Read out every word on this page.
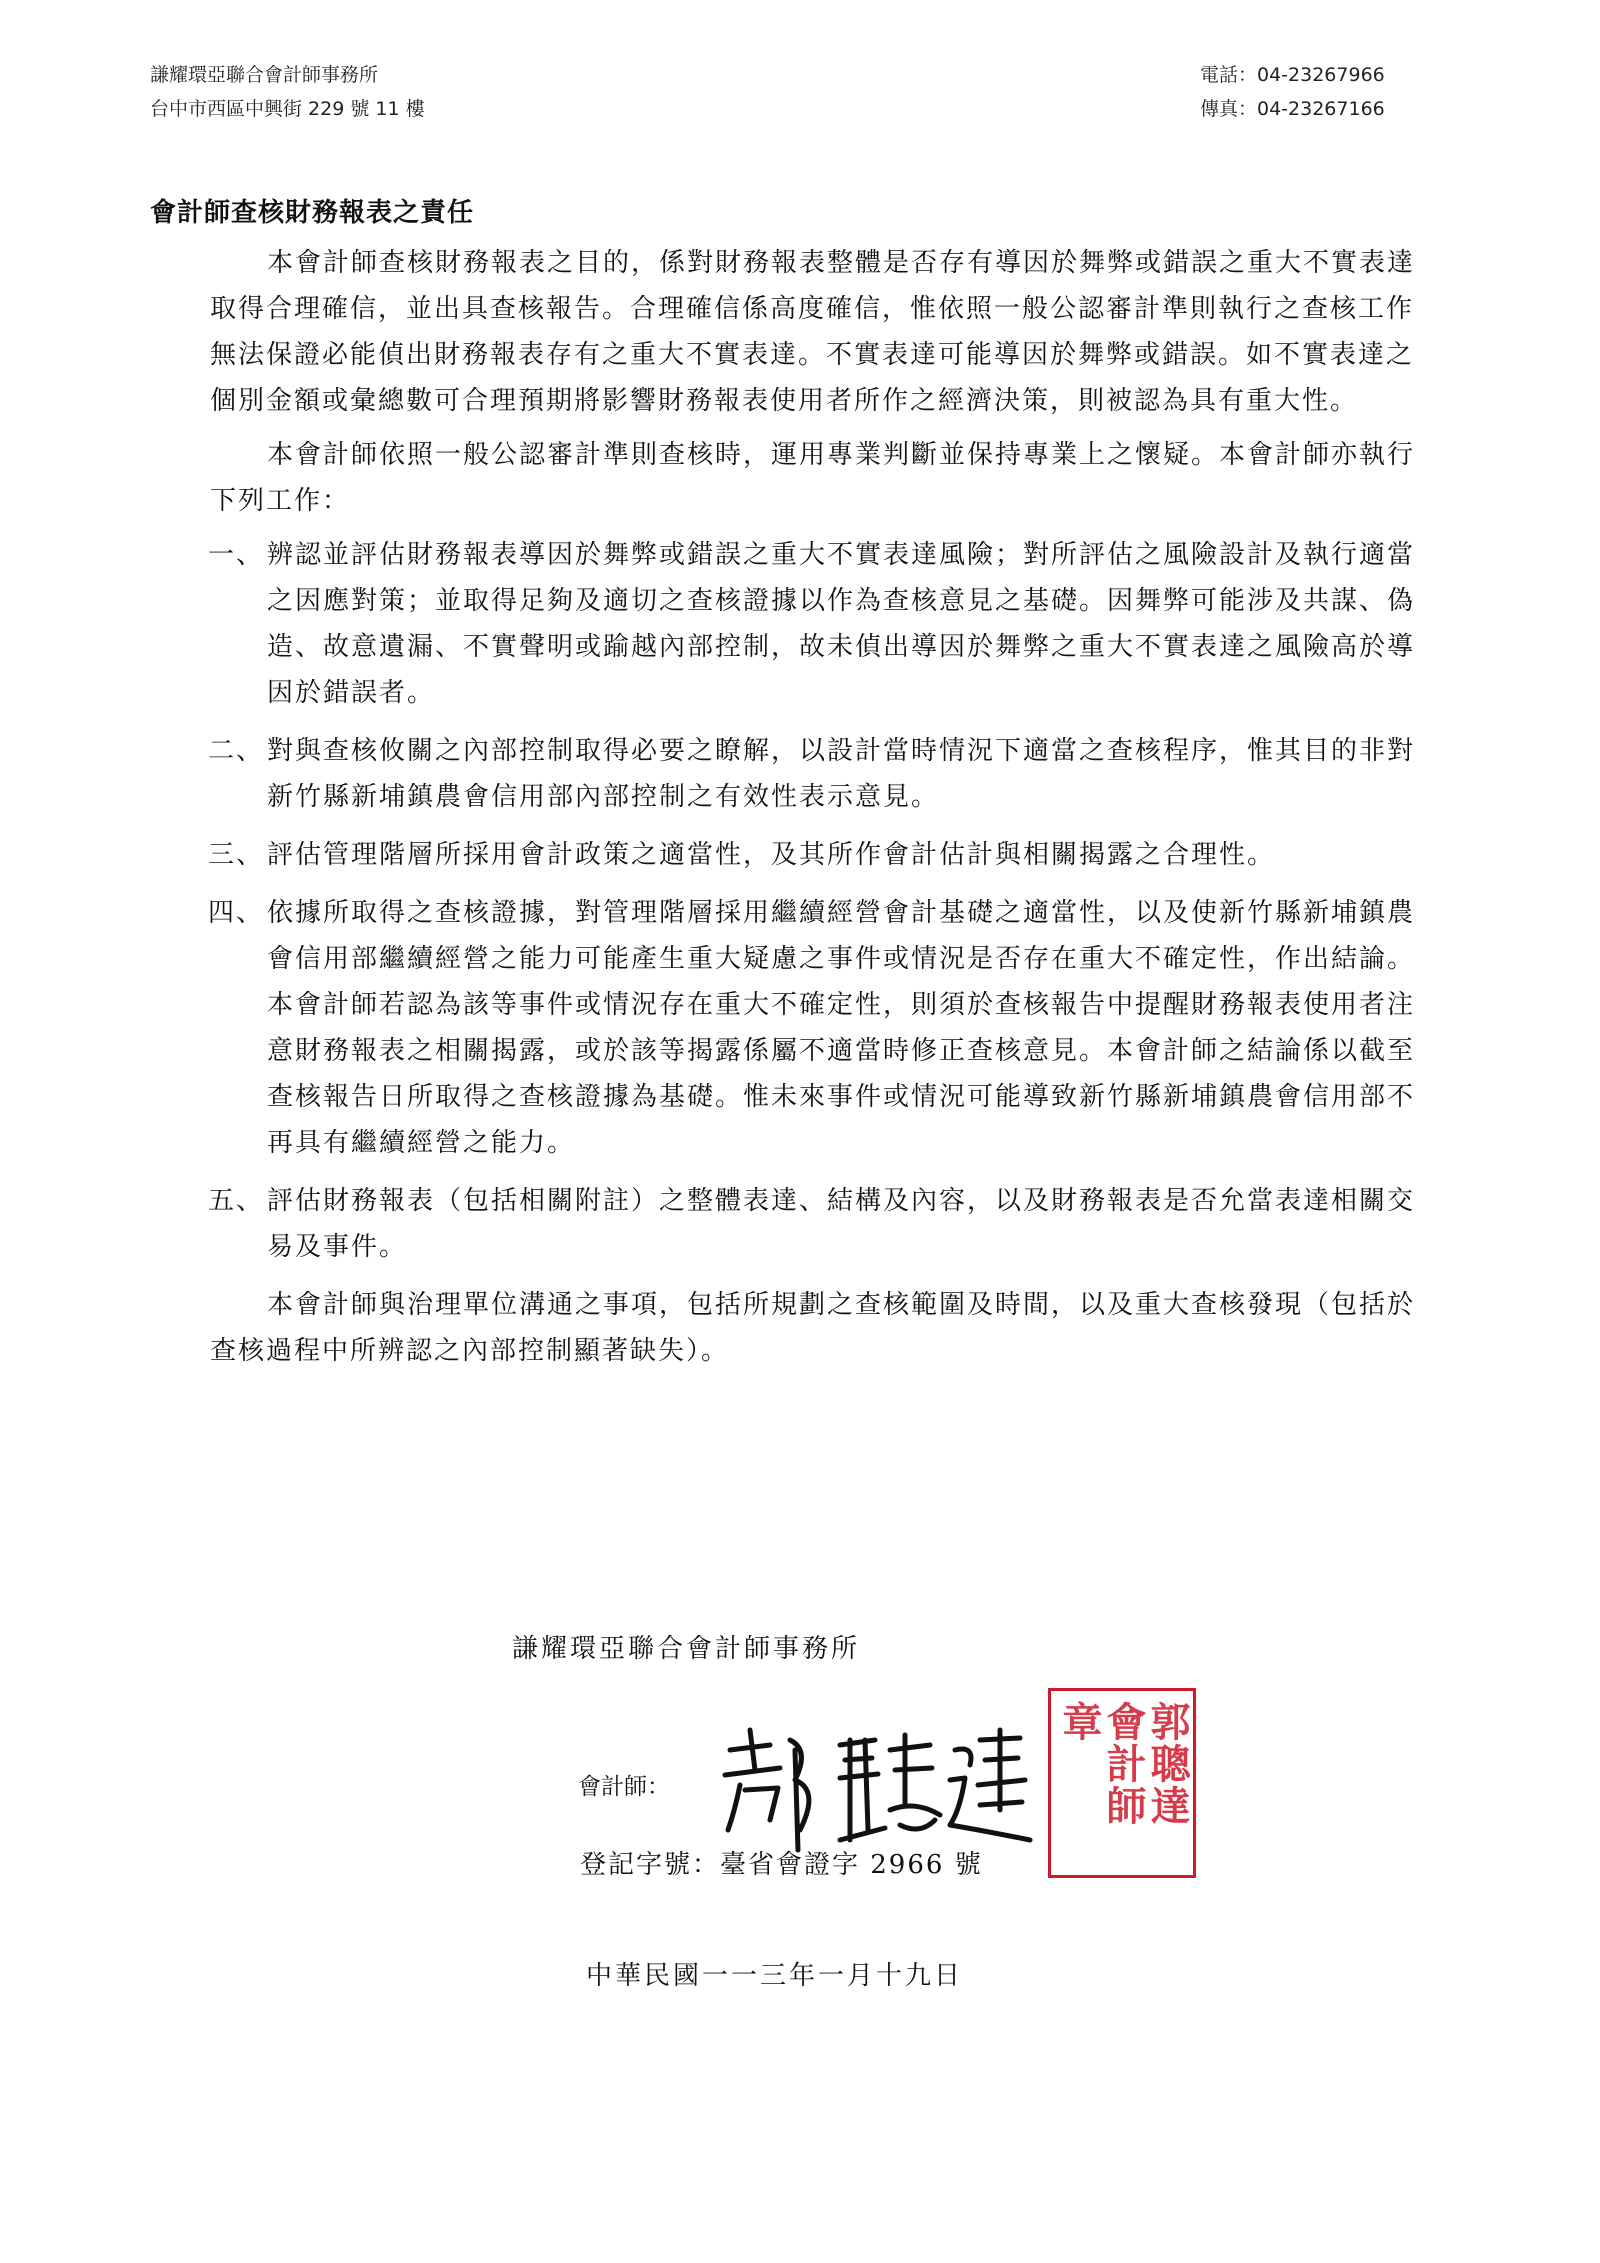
謙耀環亞聯合會計師事務所
台中市西區中興街 229 號 11 樓
電話：04-23267966
傳真：04-23267166
會計師查核財務報表之責任

本會計師查核財務報表之目的，係對財務報表整體是否存有導因於舞弊或錯誤之重大不實表達取得合理確信，並出具查核報告。合理確信係高度確信，惟依照一般公認審計準則執行之查核工作無法保證必能偵出財務報表存有之重大不實表達。不實表達可能導因於舞弊或錯誤。如不實表達之個別金額或彙總數可合理預期將影響財務報表使用者所作之經濟決策，則被認為具有重大性。

本會計師依照一般公認審計準則查核時，運用專業判斷並保持專業上之懷疑。本會計師亦執行下列工作：

一、 辨認並評估財務報表導因於舞弊或錯誤之重大不實表達風險；對所評估之風險設計及執行適當之因應對策；並取得足夠及適切之查核證據以作為查核意見之基礎。因舞弊可能涉及共謀、偽造、故意遺漏、不實聲明或踰越內部控制，故未偵出導因於舞弊之重大不實表達之風險高於導因於錯誤者。
二、 對與查核攸關之內部控制取得必要之瞭解，以設計當時情況下適當之查核程序，惟其目的非對新竹縣新埔鎮農會信用部內部控制之有效性表示意見。
三、 評估管理階層所採用會計政策之適當性，及其所作會計估計與相關揭露之合理性。
四、 依據所取得之查核證據，對管理階層採用繼續經營會計基礎之適當性，以及使新竹縣新埔鎮農會信用部繼續經營之能力可能產生重大疑慮之事件或情況是否存在重大不確定性，作出結論。本會計師若認為該等事件或情況存在重大不確定性，則須於查核報告中提醒財務報表使用者注意財務報表之相關揭露，或於該等揭露係屬不適當時修正查核意見。本會計師之結論係以截至查核報告日所取得之查核證據為基礎。惟未來事件或情況可能導致新竹縣新埔鎮農會信用部不再具有繼續經營之能力。
五、 評估財務報表（包括相關附註）之整體表達、結構及內容，以及財務報表是否允當表達相關交易及事件。

本會計師與治理單位溝通之事項，包括所規劃之查核範圍及時間，以及重大查核發現（包括於查核過程中所辨認之內部控制顯著缺失）。

謙耀環亞聯合會計師事務所
會計師：	郭聰達
會計師
章
登記字號：臺省會證字 2966 號
中華民國一一三年一月十九日
